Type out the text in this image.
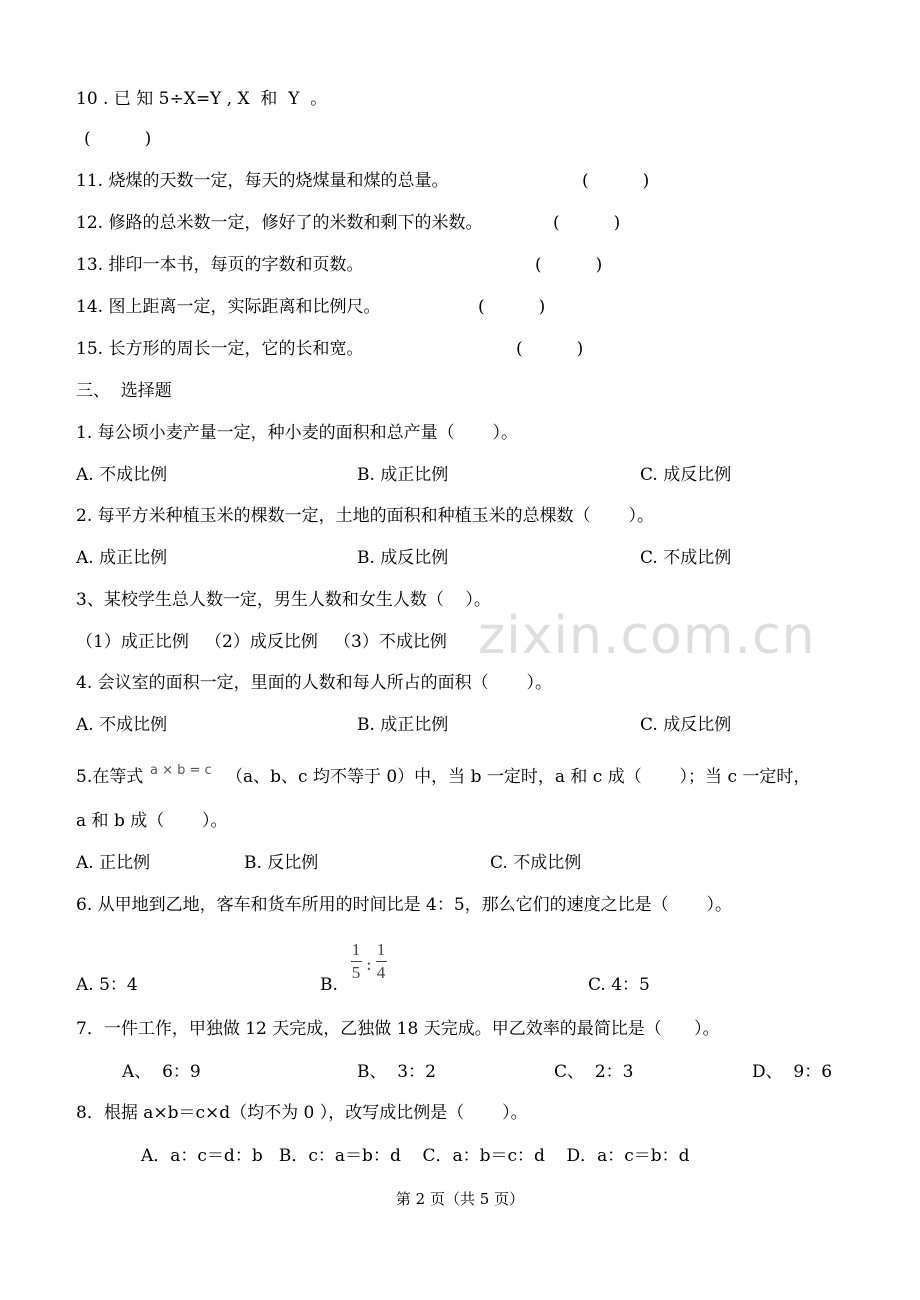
10 . 已 知 5÷X=Y , X  和  Y  。
(          )
11. 烧煤的天数一定，每天的烧煤量和煤的总量。	(          )
12. 修路的总米数一定，修好了的米数和剩下的米数。	(          )
13. 排印一本书，每页的字数和页数。	(          )
14. 图上距离一定，实际距离和比例尺。	(          )
15. 长方形的周长一定，它的长和宽。	(          )
三、  选择题
1. 每公顷小麦产量一定，种小麦的面积和总产量（       ）。
A. 不成比例	B. 成正比例	C. 成反比例
2. 每平方米种植玉米的棵数一定，土地的面积和种植玉米的总棵数（       ）。
A. 成正比例	B. 成反比例	C. 不成比例
3、某校学生总人数一定，男生人数和女生人数（    ）。
（1）成正比例   （2）成反比例   （3）不成比例
4. 会议室的面积一定，里面的人数和每人所占的面积（       ）。
A. 不成比例	B. 成正比例	C. 成反比例
5.在等式 a × b = c （a、b、c 均不等于 0）中，当 b 一定时，a 和 c 成（       ）；当 c 一定时，
a 和 b 成（       ）。
A. 正比例	B. 反比例	C. 不成比例
6. 从甲地到乙地，客车和货车所用的时间比是 4：5，那么它们的速度之比是（       ）。
A. 5：4	B.
1
5 :
1
4
C. 4：5
7．一件工作，甲独做 12 天完成，乙独做 18 天完成。甲乙效率的最简比是（      ）。
A、  6：9	B、  3：2	C、  2：3	D、  9：6
8．根据 a×b＝c×d（均不为 0 ），改写成比例是（       ）。
A．a：c＝d：b   B．c：a＝b：d    C．a：b＝c：d    D．a：c＝b：d
zixin.com.cn
第 2 页（共 5 页）
